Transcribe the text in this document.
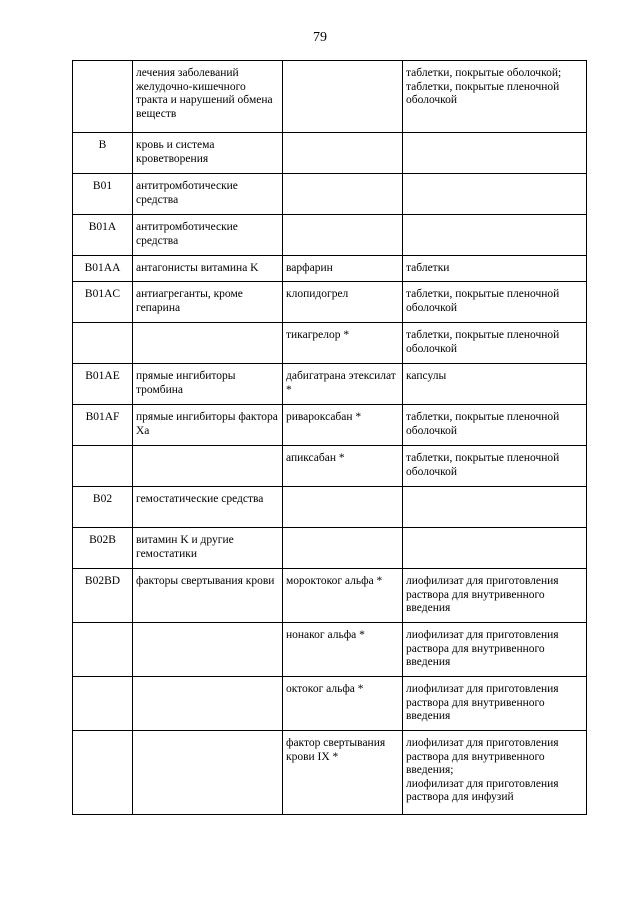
79
	лечения заболеваний желудочно-кишечного тракта и нарушений обмена веществ		таблетки, покрытые оболочкой; таблетки, покрытые пленочной оболочкой
B	кровь и система кроветворения		
B01	антитромботические средства		
B01A	антитромботические средства		
B01AA	антагонисты витамина K	варфарин	таблетки
B01AC	антиагреганты, кроме гепарина	клопидогрел	таблетки, покрытые пленочной оболочкой
		тикагрелор *	таблетки, покрытые пленочной оболочкой
B01AE	прямые ингибиторы тромбина	дабигатрана этексилат *	капсулы
B01AF	прямые ингибиторы фактора Xa	ривароксабан *	таблетки, покрытые пленочной оболочкой
		апиксабан *	таблетки, покрытые пленочной оболочкой
B02	гемостатические средства		
B02B	витамин K и другие гемостатики		
B02BD	факторы свертывания крови	мороктоког альфа *	лиофилизат для приготовления раствора для внутривенного введения
		нонаког альфа *	лиофилизат для приготовления раствора для внутривенного введения
		октоког альфа *	лиофилизат для приготовления раствора для внутривенного введения
		фактор свертывания крови IX *	лиофилизат для приготовления раствора для внутривенного введения;
лиофилизат для приготовления раствора для инфузий
